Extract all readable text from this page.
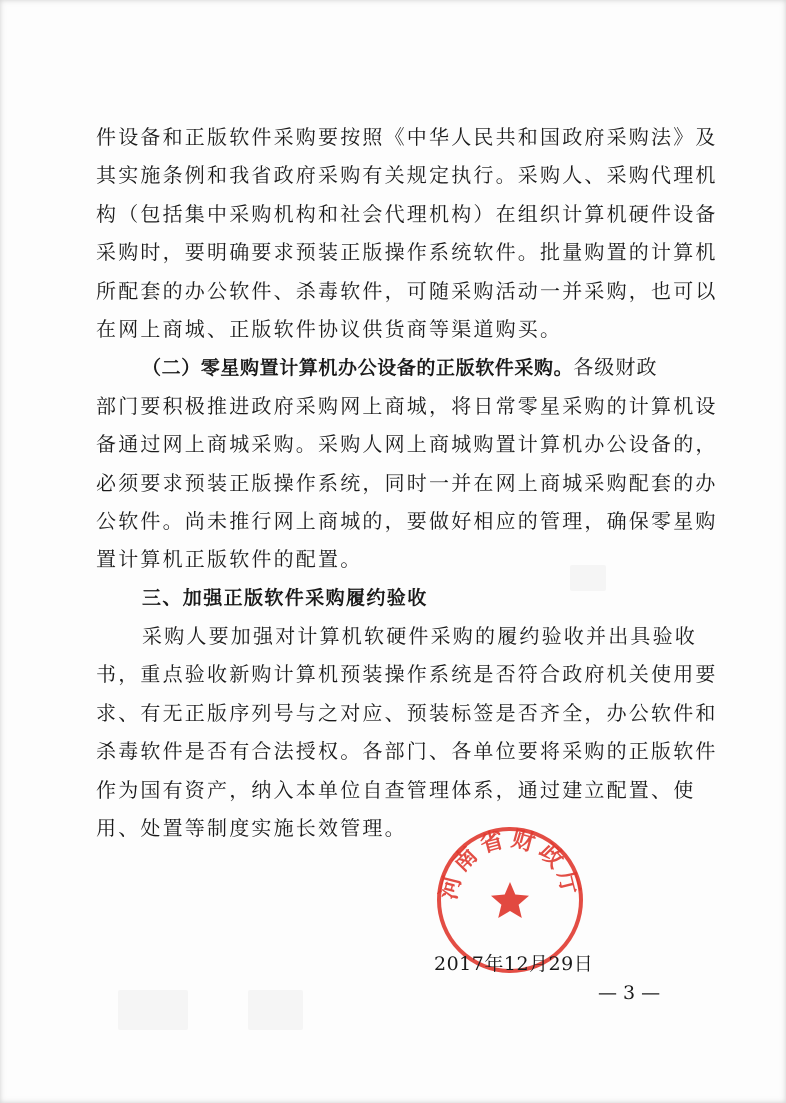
件设备和正版软件采购要按照《中华人民共和国政府采购法》及
其实施条例和我省政府采购有关规定执行。采购人、采购代理机
构（包括集中采购机构和社会代理机构）在组织计算机硬件设备
采购时，要明确要求预装正版操作系统软件。批量购置的计算机
所配套的办公软件、杀毒软件，可随采购活动一并采购，也可以
在网上商城、正版软件协议供货商等渠道购买。
（二）零星购置计算机办公设备的正版软件采购。各级财政
部门要积极推进政府采购网上商城，将日常零星采购的计算机设
备通过网上商城采购。采购人网上商城购置计算机办公设备的，
必须要求预装正版操作系统，同时一并在网上商城采购配套的办
公软件。尚未推行网上商城的，要做好相应的管理，确保零星购
置计算机正版软件的配置。
三、加强正版软件采购履约验收
采购人要加强对计算机软硬件采购的履约验收并出具验收
书，重点验收新购计算机预装操作系统是否符合政府机关使用要
求、有无正版序列号与之对应、预装标签是否齐全，办公软件和
杀毒软件是否有合法授权。各部门、各单位要将采购的正版软件
作为国有资产，纳入本单位自查管理体系，通过建立配置、使
用、处置等制度实施长效管理。
河南省财政厅
2017年12月29日
— 3 —
